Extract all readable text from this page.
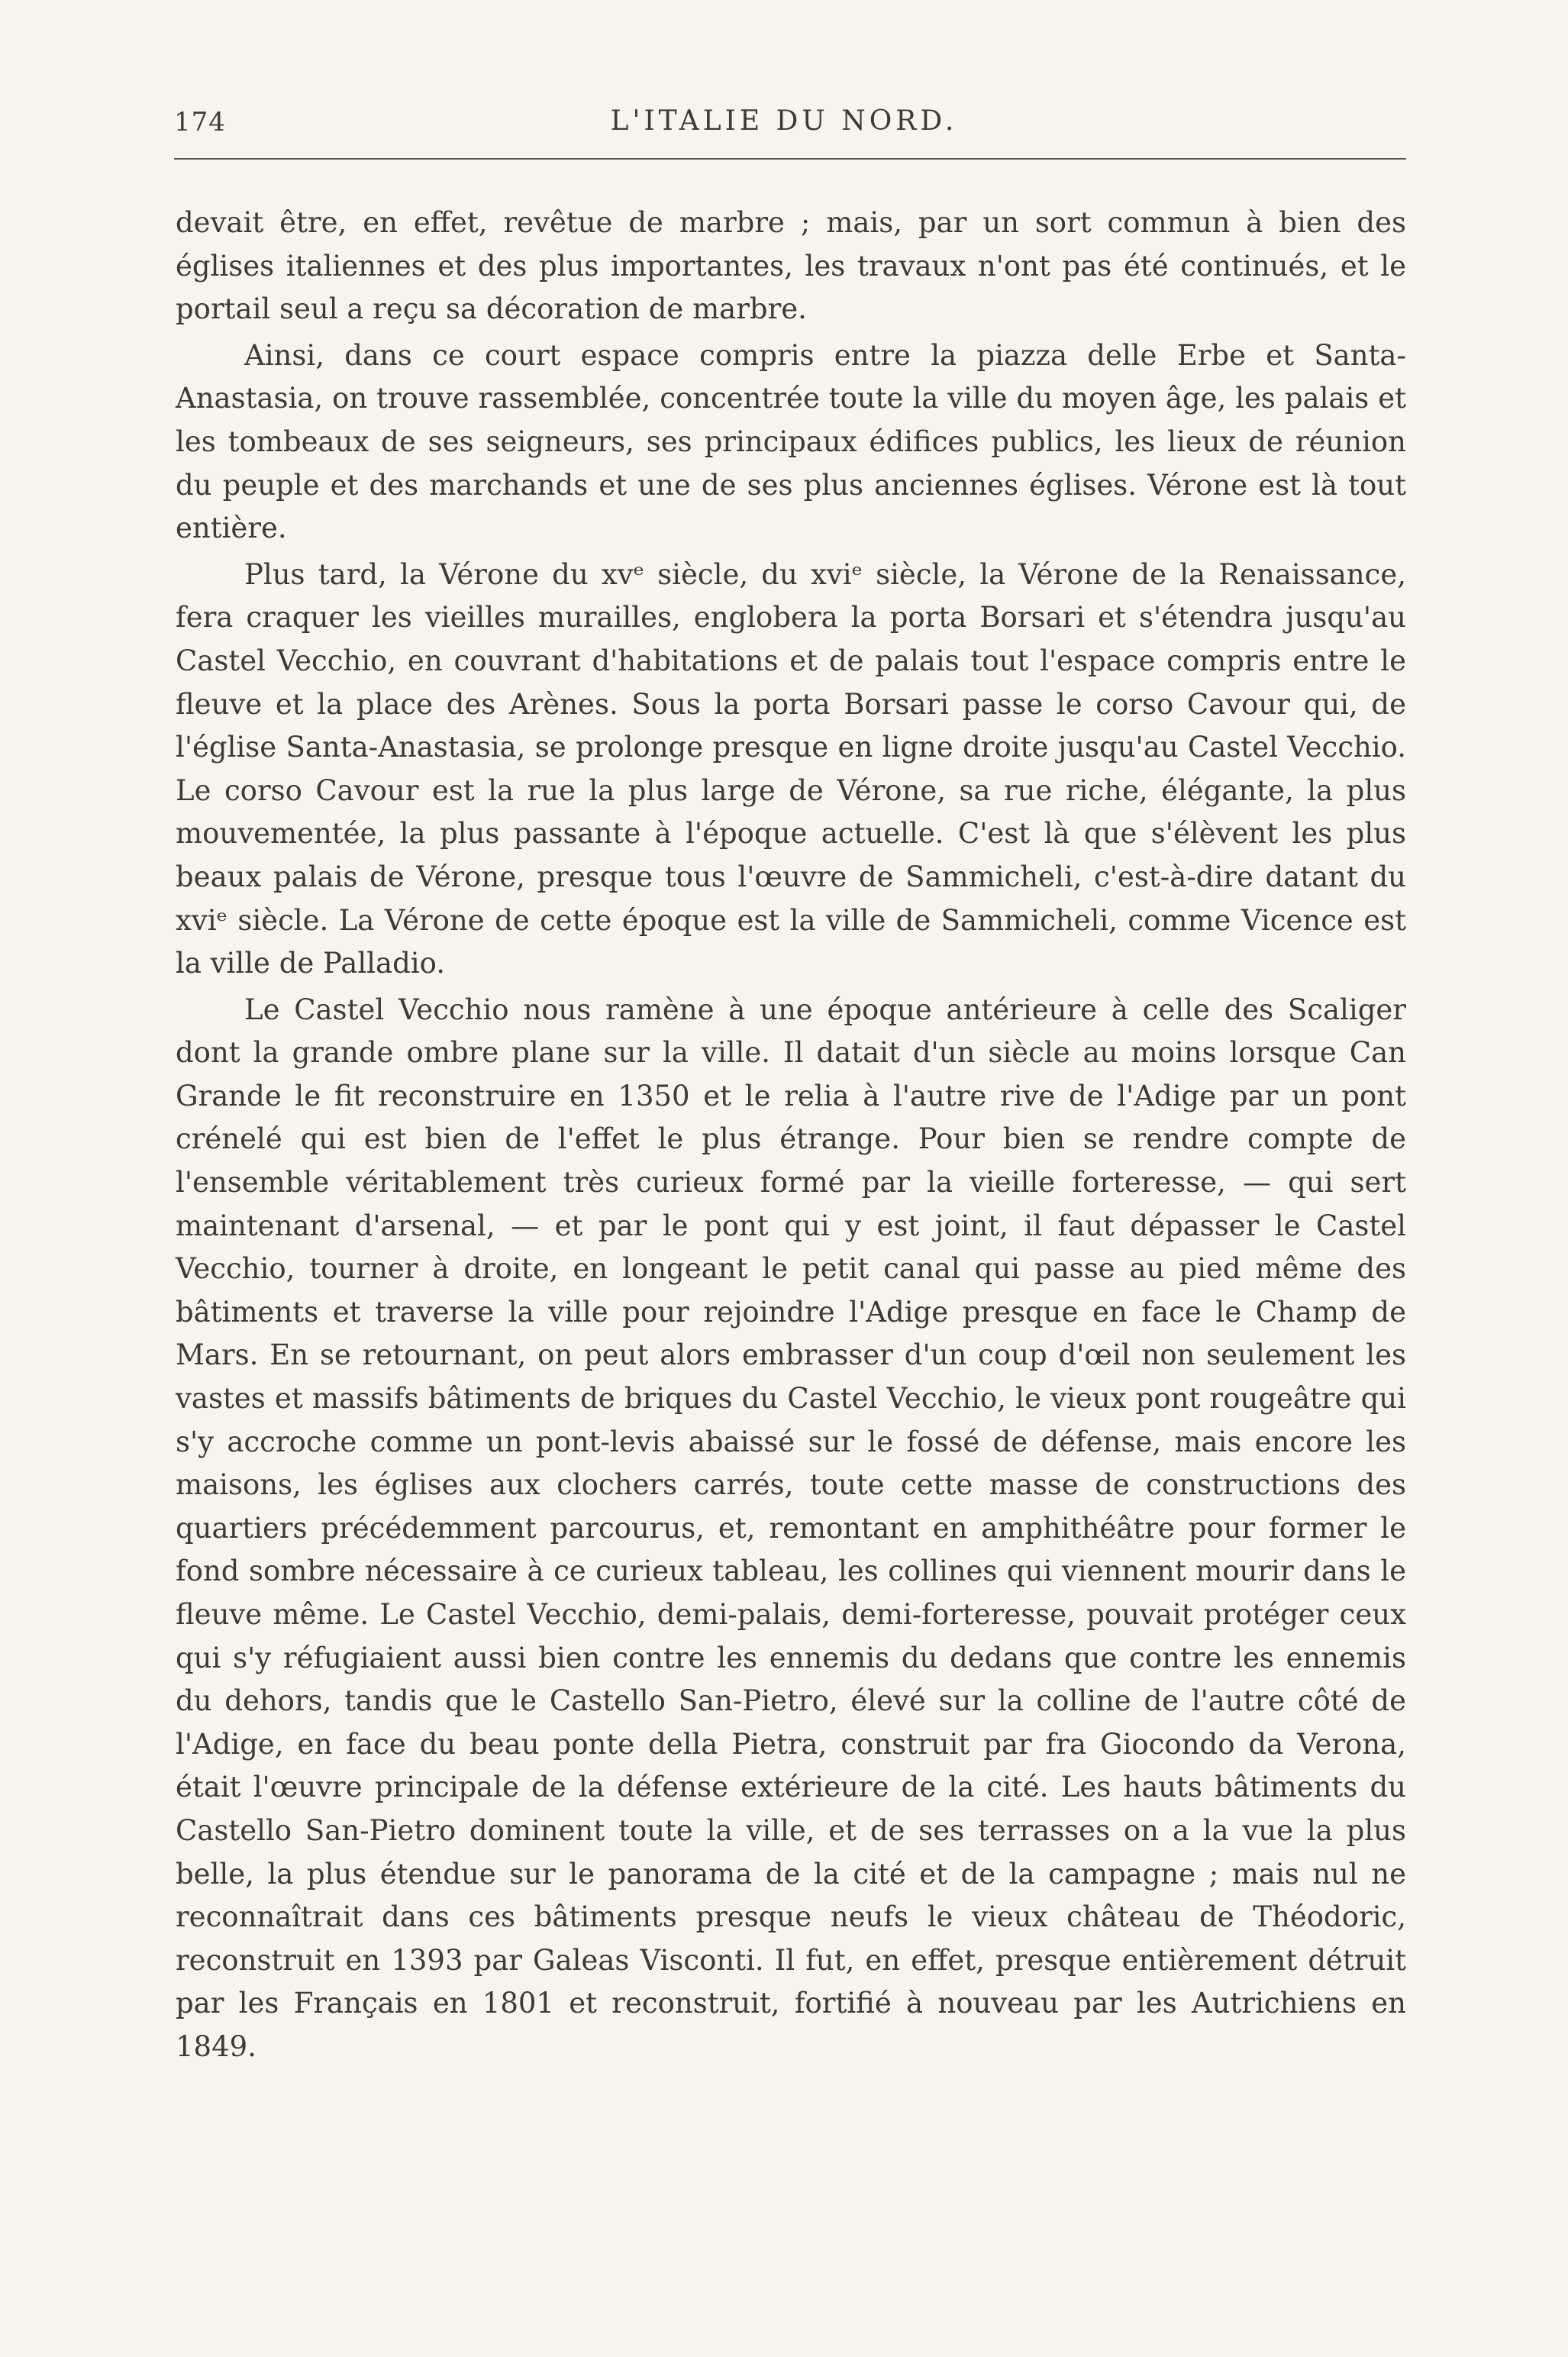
174	L'ITALIE DU NORD.

devait être, en effet, revêtue de marbre ; mais, par un sort commun à bien des églises italiennes et des plus importantes, les travaux n'ont pas été continués, et le portail seul a reçu sa décoration de marbre.

Ainsi, dans ce court espace compris entre la piazza delle Erbe et Santa-Anastasia, on trouve rassemblée, concentrée toute la ville du moyen âge, les palais et les tombeaux de ses seigneurs, ses principaux édifices publics, les lieux de réunion du peuple et des marchands et une de ses plus anciennes églises. Vérone est là tout entière.

Plus tard, la Vérone du xvᵉ siècle, du xviᵉ siècle, la Vérone de la Renaissance, fera craquer les vieilles murailles, englobera la porta Borsari et s'étendra jusqu'au Castel Vecchio, en couvrant d'habitations et de palais tout l'espace compris entre le fleuve et la place des Arènes. Sous la porta Borsari passe le corso Cavour qui, de l'église Santa-Anastasia, se prolonge presque en ligne droite jusqu'au Castel Vecchio. Le corso Cavour est la rue la plus large de Vérone, sa rue riche, élégante, la plus mouvementée, la plus passante à l'époque actuelle. C'est là que s'élèvent les plus beaux palais de Vérone, presque tous l'œuvre de Sammicheli, c'est-à-dire datant du xviᵉ siècle. La Vérone de cette époque est la ville de Sammicheli, comme Vicence est la ville de Palladio.

Le Castel Vecchio nous ramène à une époque antérieure à celle des Scaliger dont la grande ombre plane sur la ville. Il datait d'un siècle au moins lorsque Can Grande le fit reconstruire en 1350 et le relia à l'autre rive de l'Adige par un pont crénelé qui est bien de l'effet le plus étrange. Pour bien se rendre compte de l'ensemble véritablement très curieux formé par la vieille forteresse, — qui sert maintenant d'arsenal, — et par le pont qui y est joint, il faut dépasser le Castel Vecchio, tourner à droite, en longeant le petit canal qui passe au pied même des bâtiments et traverse la ville pour rejoindre l'Adige presque en face le Champ de Mars. En se retournant, on peut alors embrasser d'un coup d'œil non seulement les vastes et massifs bâtiments de briques du Castel Vecchio, le vieux pont rougeâtre qui s'y accroche comme un pont-levis abaissé sur le fossé de défense, mais encore les maisons, les églises aux clochers carrés, toute cette masse de constructions des quartiers précédemment parcourus, et, remontant en amphithéâtre pour former le fond sombre nécessaire à ce curieux tableau, les collines qui viennent mourir dans le fleuve même. Le Castel Vecchio, demi-palais, demi-forteresse, pouvait protéger ceux qui s'y réfugiaient aussi bien contre les ennemis du dedans que contre les ennemis du dehors, tandis que le Castello San-Pietro, élevé sur la colline de l'autre côté de l'Adige, en face du beau ponte della Pietra, construit par fra Giocondo da Verona, était l'œuvre principale de la défense extérieure de la cité. Les hauts bâtiments du Castello San-Pietro dominent toute la ville, et de ses terrasses on a la vue la plus belle, la plus étendue sur le panorama de la cité et de la campagne ; mais nul ne reconnaîtrait dans ces bâtiments presque neufs le vieux château de Théodoric, reconstruit en 1393 par Galeas Visconti. Il fut, en effet, presque entièrement détruit par les Français en 1801 et reconstruit, fortifié à nouveau par les Autrichiens en 1849.
